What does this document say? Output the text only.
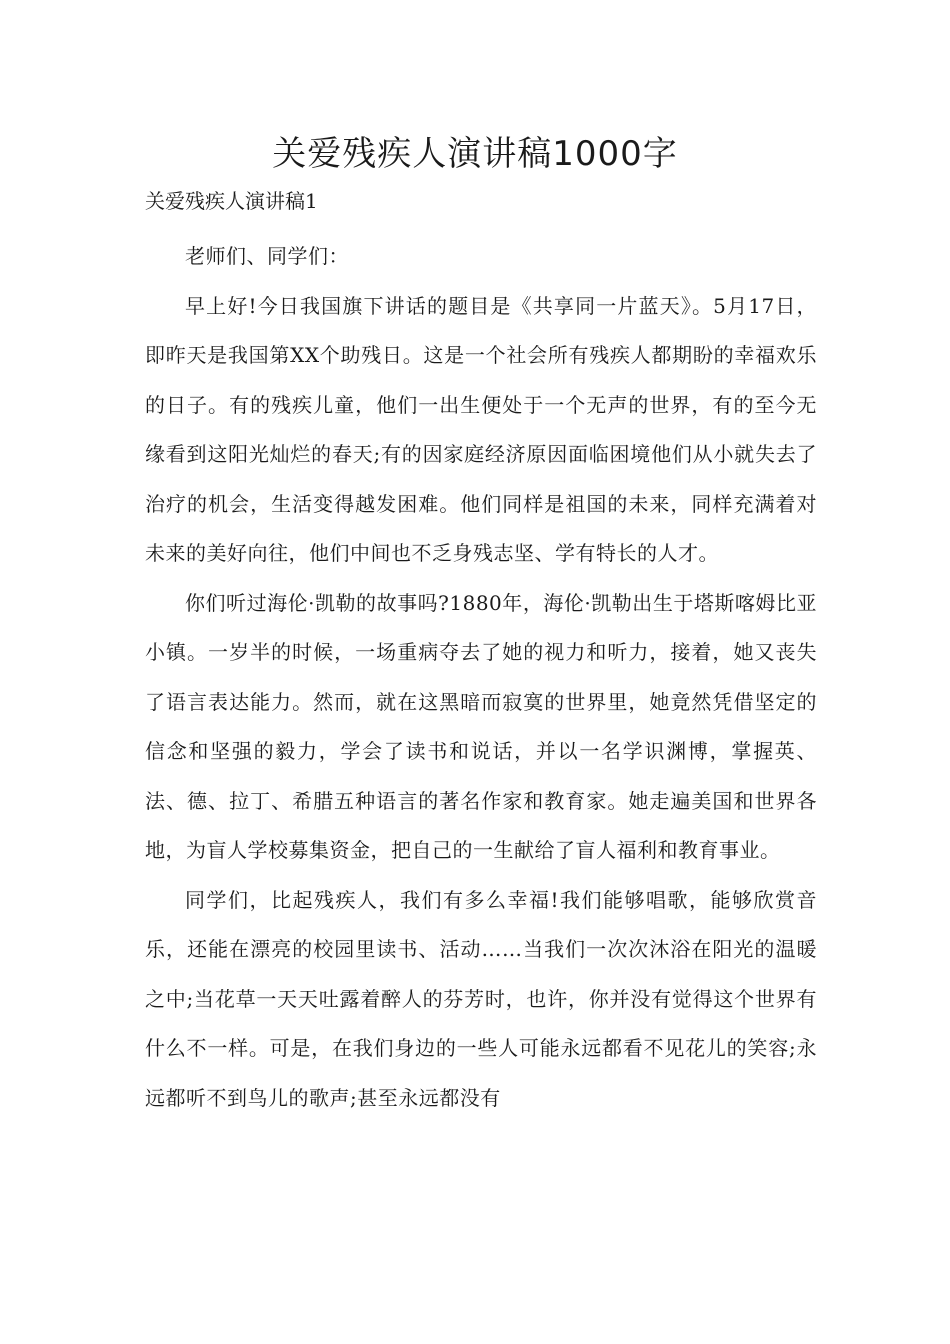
关爱残疾人演讲稿1000字

关爱残疾人演讲稿1

老师们、同学们：

早上好!今日我国旗下讲话的题目是《共享同一片蓝天》。5月17日，即昨天是我国第XX个助残日。这是一个社会所有残疾人都期盼的幸福欢乐的日子。有的残疾儿童，他们一出生便处于一个无声的世界，有的至今无缘看到这阳光灿烂的春天;有的因家庭经济原因面临困境他们从小就失去了治疗的机会，生活变得越发困难。他们同样是祖国的未来，同样充满着对未来的美好向往，他们中间也不乏身残志坚、学有特长的人才。

你们听过海伦·凯勒的故事吗?1880年，海伦·凯勒出生于塔斯喀姆比亚小镇。一岁半的时候，一场重病夺去了她的视力和听力，接着，她又丧失了语言表达能力。然而，就在这黑暗而寂寞的世界里，她竟然凭借坚定的信念和坚强的毅力，学会了读书和说话，并以一名学识渊博，掌握英、法、德、拉丁、希腊五种语言的著名作家和教育家。她走遍美国和世界各地，为盲人学校募集资金，把自己的一生献给了盲人福利和教育事业。

同学们，比起残疾人，我们有多么幸福!我们能够唱歌，能够欣赏音乐，还能在漂亮的校园里读书、活动……当我们一次次沐浴在阳光的温暖之中;当花草一天天吐露着醉人的芬芳时，也许，你并没有觉得这个世界有什么不一样。可是，在我们身边的一些人可能永远都看不见花儿的笑容;永远都听不到鸟儿的歌声;甚至永远都没有
